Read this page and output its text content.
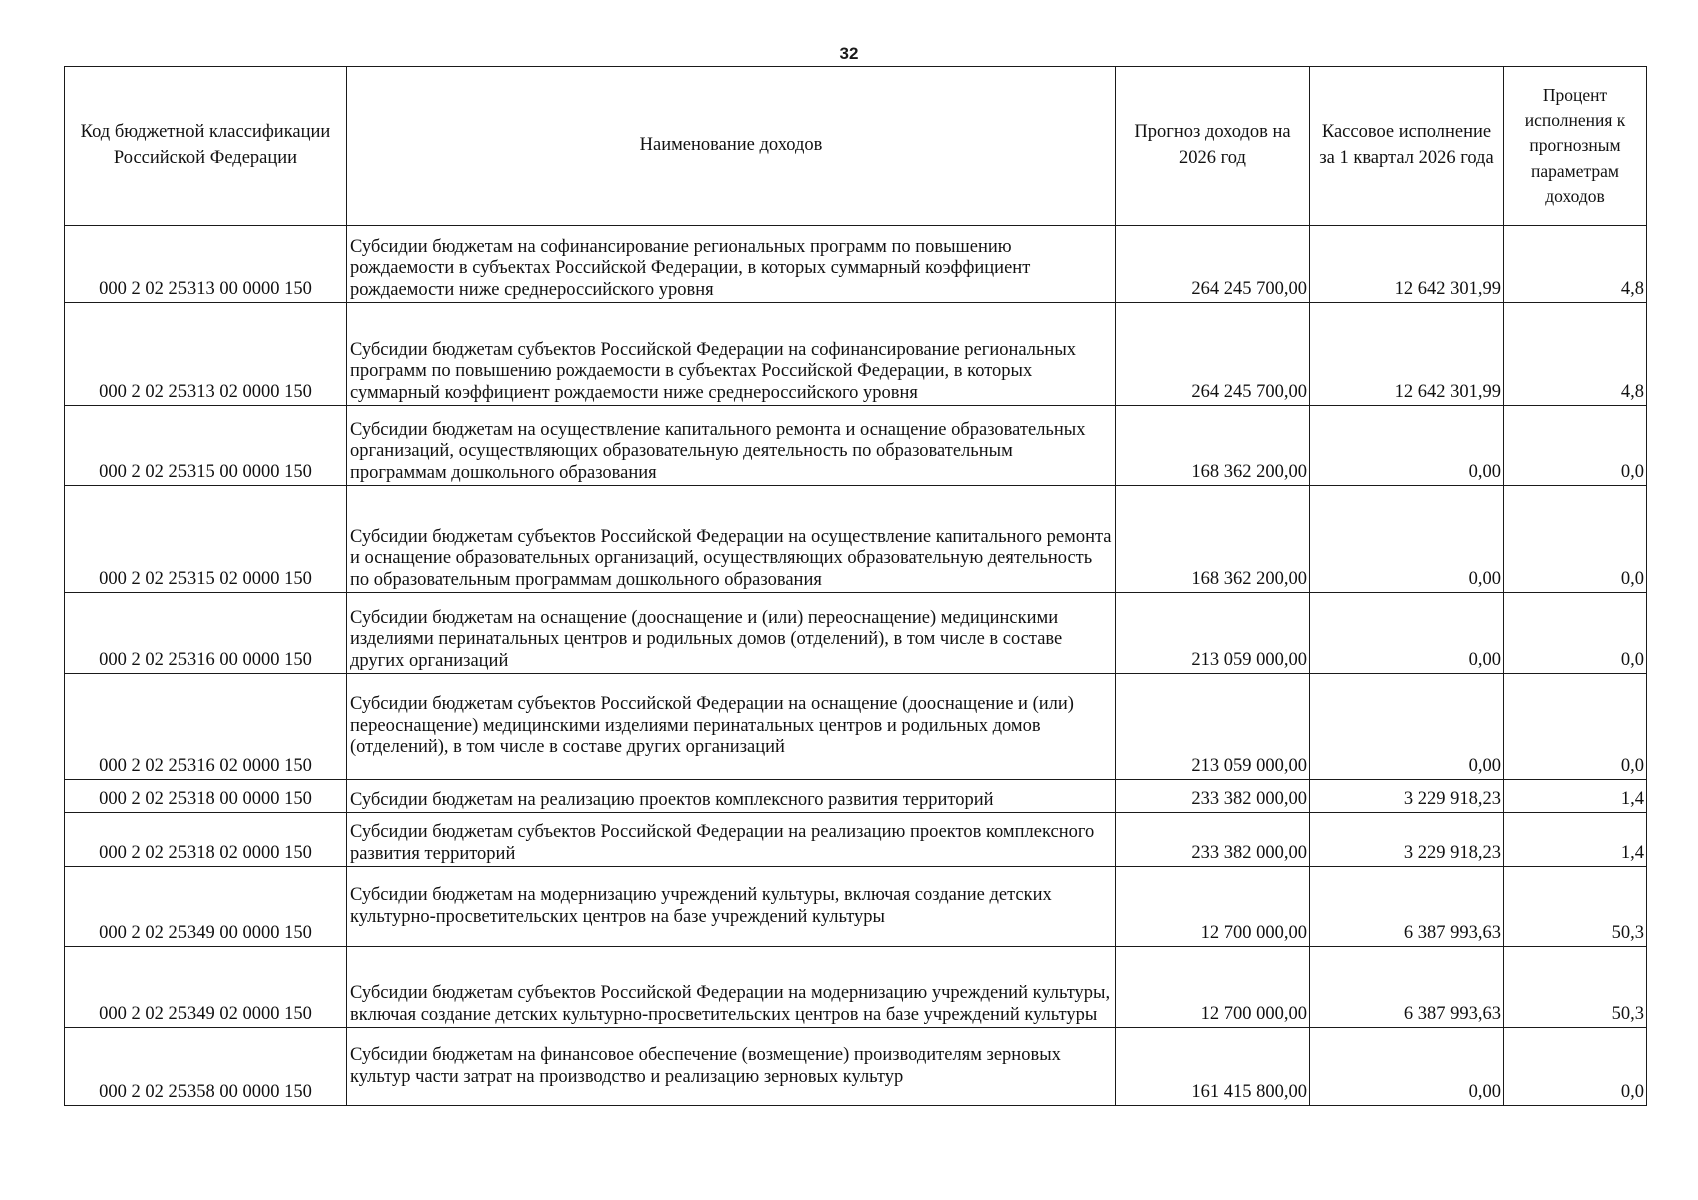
32
Код бюджетной классификации Российской Федерации	Наименование доходов	Прогноз доходов на 2026 год	Кассовое исполнение за 1 квартал 2026 года	Процент исполнения к прогнозным параметрам доходов
000 2 02 25313 00 0000 150	Субсидии бюджетам на софинансирование региональных программ по повышению рождаемости в субъектах Российской Федерации, в которых суммарный коэффициент рождаемости ниже среднероссийского уровня	264 245 700,00	12 642 301,99	4,8
000 2 02 25313 02 0000 150	Субсидии бюджетам субъектов Российской Федерации на софинансирование региональных программ по повышению рождаемости в субъектах Российской Федерации, в которых суммарный коэффициент рождаемости ниже среднероссийского уровня	264 245 700,00	12 642 301,99	4,8
000 2 02 25315 00 0000 150	Субсидии бюджетам на осуществление капитального ремонта и оснащение образовательных организаций, осуществляющих образовательную деятельность по образовательным программам дошкольного образования	168 362 200,00	0,00	0,0
000 2 02 25315 02 0000 150	Субсидии бюджетам субъектов Российской Федерации на осуществление капитального ремонта и оснащение образовательных организаций, осуществляющих образовательную деятельность по образовательным программам дошкольного образования	168 362 200,00	0,00	0,0
000 2 02 25316 00 0000 150	Субсидии бюджетам на оснащение (дооснащение и (или) переоснащение) медицинскими изделиями перинатальных центров и родильных домов (отделений), в том числе в составе других организаций	213 059 000,00	0,00	0,0
000 2 02 25316 02 0000 150	Субсидии бюджетам субъектов Российской Федерации на оснащение (дооснащение и (или) переоснащение) медицинскими изделиями перинатальных центров и родильных домов (отделений), в том числе в составе других организаций	213 059 000,00	0,00	0,0
000 2 02 25318 00 0000 150	Субсидии бюджетам на реализацию проектов комплексного развития территорий	233 382 000,00	3 229 918,23	1,4
000 2 02 25318 02 0000 150	Субсидии бюджетам субъектов Российской Федерации на реализацию проектов комплексного развития территорий	233 382 000,00	3 229 918,23	1,4
000 2 02 25349 00 0000 150	Субсидии бюджетам на модернизацию учреждений культуры, включая создание детских культурно-просветительских центров на базе учреждений культуры	12 700 000,00	6 387 993,63	50,3
000 2 02 25349 02 0000 150	Субсидии бюджетам субъектов Российской Федерации на модернизацию учреждений культуры, включая создание детских культурно-просветительских центров на базе учреждений культуры	12 700 000,00	6 387 993,63	50,3
000 2 02 25358 00 0000 150	Субсидии бюджетам на финансовое обеспечение (возмещение) производителям зерновых культур части затрат на производство и реализацию зерновых культур	161 415 800,00	0,00	0,0
